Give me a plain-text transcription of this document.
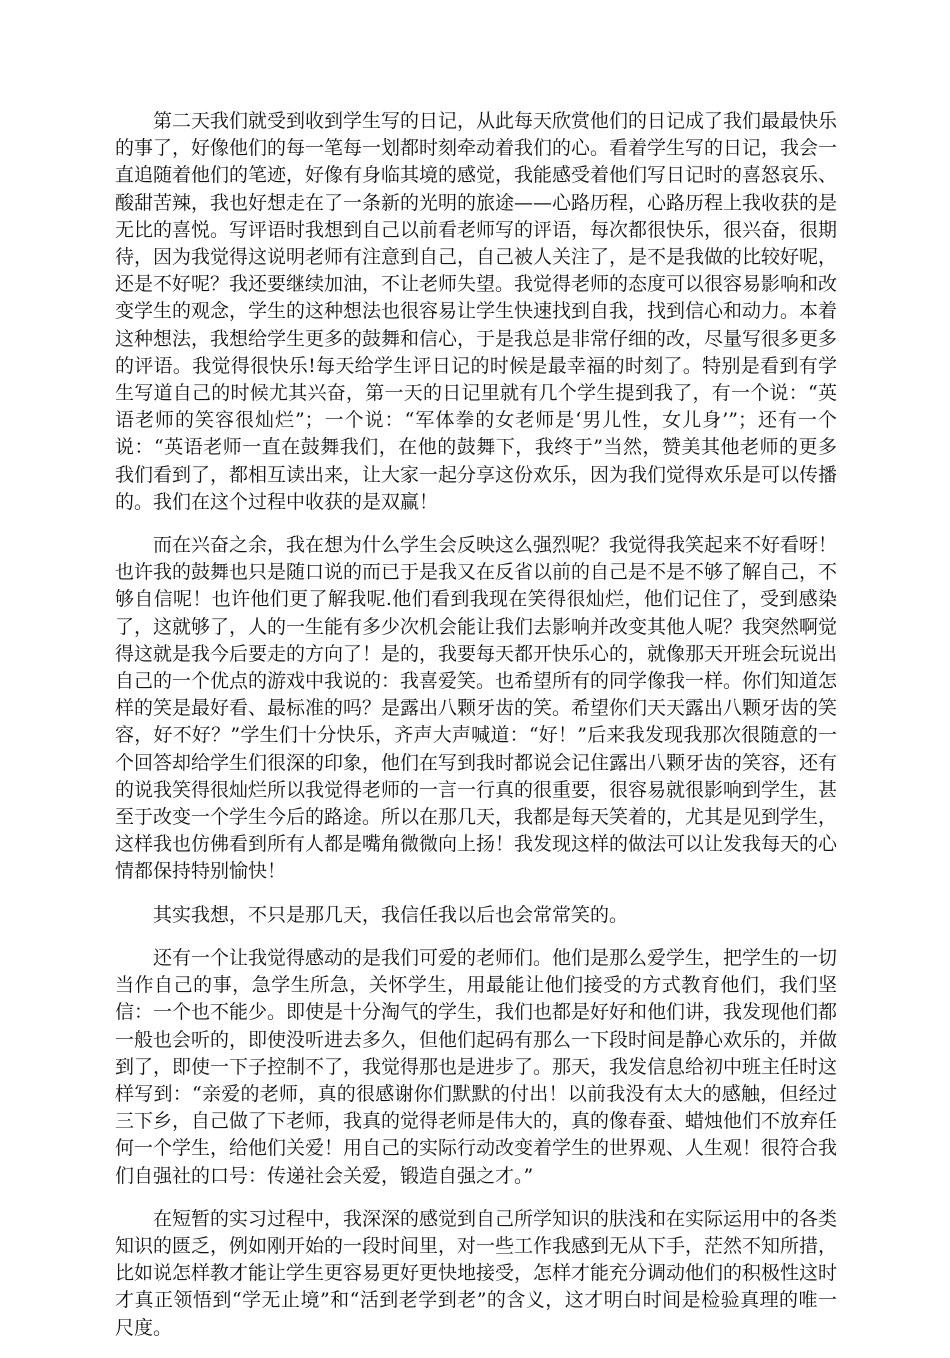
第二天我们就受到收到学生写的日记，从此每天欣赏他们的日记成了我们最最快乐的事了，好像他们的每一笔每一划都时刻牵动着我们的心。看着学生写的日记，我会一直追随着他们的笔迹，好像有身临其境的感觉，我能感受着他们写日记时的喜怒哀乐、酸甜苦辣，我也好想走在了一条新的光明的旅途——心路历程，心路历程上我收获的是无比的喜悦。写评语时我想到自己以前看老师写的评语，每次都很快乐，很兴奋，很期待，因为我觉得这说明老师有注意到自己，自己被人关注了，是不是我做的比较好呢，还是不好呢？我还要继续加油，不让老师失望。我觉得老师的态度可以很容易影响和改变学生的观念，学生的这种想法也很容易让学生快速找到自我，找到信心和动力。本着这种想法，我想给学生更多的鼓舞和信心，于是我总是非常仔细的改，尽量写很多更多的评语。我觉得很快乐!每天给学生评日记的时候是最幸福的时刻了。特别是看到有学生写道自己的时候尤其兴奋，第一天的日记里就有几个学生提到我了，有一个说：“英语老师的笑容很灿烂”；一个说：“军体拳的女老师是‘男儿性，女儿身’”；还有一个说：“英语老师一直在鼓舞我们，在他的鼓舞下，我终于”当然，赞美其他老师的更多我们看到了，都相互读出来，让大家一起分享这份欢乐，因为我们觉得欢乐是可以传播的。我们在这个过程中收获的是双赢！

而在兴奋之余，我在想为什么学生会反映这么强烈呢？我觉得我笑起来不好看呀！也许我的鼓舞也只是随口说的而已于是我又在反省以前的自己是不是不够了解自己，不够自信呢！也许他们更了解我呢.他们看到我现在笑得很灿烂，他们记住了，受到感染了，这就够了，人的一生能有多少次机会能让我们去影响并改变其他人呢？我突然啊觉得这就是我今后要走的方向了！是的，我要每天都开快乐心的，就像那天开班会玩说出自己的一个优点的游戏中我说的：我喜爱笑。也希望所有的同学像我一样。你们知道怎样的笑是最好看、最标准的吗？是露出八颗牙齿的笑。希望你们天天露出八颗牙齿的笑容，好不好？”学生们十分快乐，齐声大声喊道：“好！”后来我发现我那次很随意的一个回答却给学生们很深的印象，他们在写到我时都说会记住露出八颗牙齿的笑容，还有的说我笑得很灿烂所以我觉得老师的一言一行真的很重要，很容易就很影响到学生，甚至于改变一个学生今后的路途。所以在那几天，我都是每天笑着的，尤其是见到学生，这样我也仿佛看到所有人都是嘴角微微向上扬！我发现这样的做法可以让发我每天的心情都保持特别愉快！

其实我想，不只是那几天，我信任我以后也会常常笑的。

还有一个让我觉得感动的是我们可爱的老师们。他们是那么爱学生，把学生的一切当作自己的事，急学生所急，关怀学生，用最能让他们接受的方式教育他们，我们坚信：一个也不能少。即使是十分淘气的学生，我们也都是好好和他们讲，我发现他们都一般也会听的，即使没听进去多久，但他们起码有那么一下段时间是静心欢乐的，并做到了，即使一下子控制不了，我觉得那也是进步了。那天，我发信息给初中班主任时这样写到：“亲爱的老师，真的很感谢你们默默的付出！以前我没有太大的感触，但经过三下乡，自己做了下老师，我真的觉得老师是伟大的，真的像春蚕、蜡烛他们不放弃任何一个学生，给他们关爱！用自己的实际行动改变着学生的世界观、人生观！很符合我们自强社的口号：传递社会关爱，锻造自强之才。”

在短暂的实习过程中，我深深的感觉到自己所学知识的肤浅和在实际运用中的各类知识的匮乏，例如刚开始的一段时间里，对一些工作我感到无从下手，茫然不知所措，比如说怎样教才能让学生更容易更好更快地接受，怎样才能充分调动他们的积极性这时才真正领悟到“学无止境”和“活到老学到老”的含义，这才明白时间是检验真理的唯一尺度。
